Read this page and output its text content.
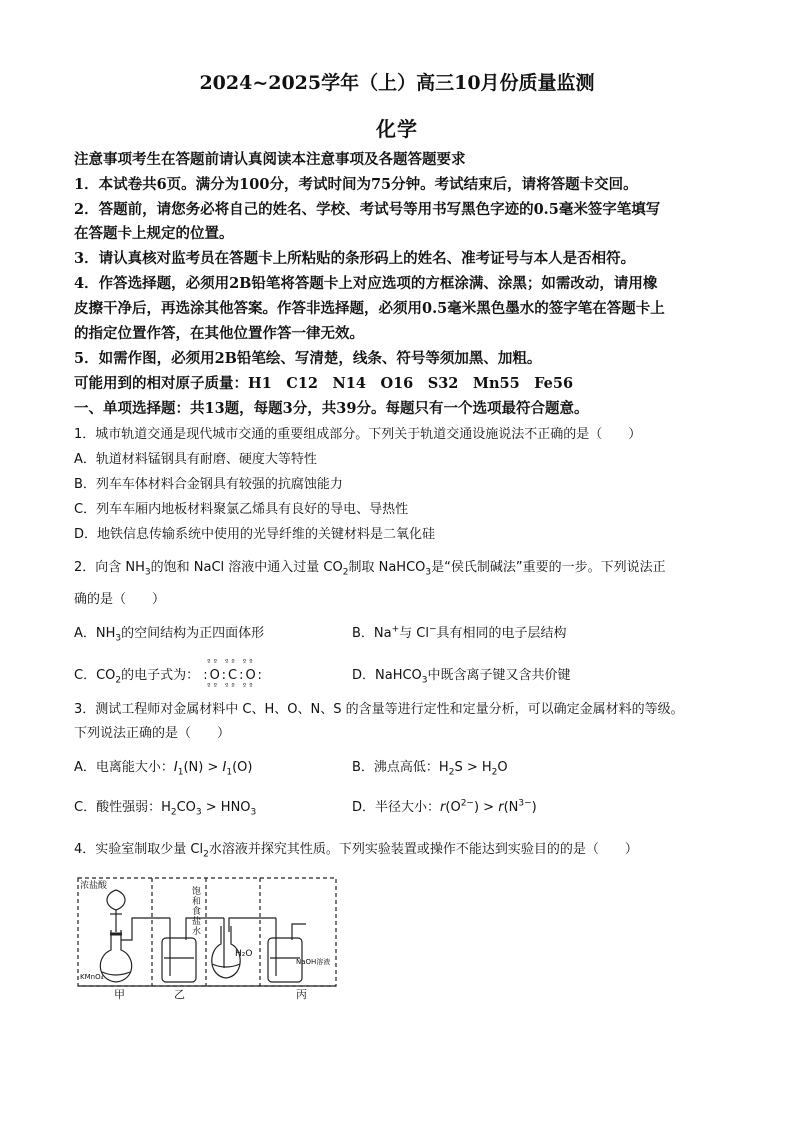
2024~2025学年（上）高三10月份质量监测
化学
注意事项考生在答题前请认真阅读本注意事项及各题答题要求
1．本试卷共6页。满分为100分，考试时间为75分钟。考试结束后，请将答题卡交回。
2．答题前，请您务必将自己的姓名、学校、考试号等用书写黑色字迹的0.5毫米签字笔填写
在答题卡上规定的位置。
3．请认真核对监考员在答题卡上所粘贴的条形码上的姓名、准考证号与本人是否相符。
4．作答选择题，必须用2B铅笔将答题卡上对应选项的方框涂满、涂黑；如需改动，请用橡
皮擦干净后，再选涂其他答案。作答非选择题，必须用0.5毫米黑色墨水的签字笔在答题卡上
的指定位置作答，在其他位置作答一律无效。
5．如需作图，必须用2B铅笔绘、写清楚，线条、符号等须加黑、加粗。
可能用到的相对原子质量：H1　C12　N14　O16　S32　Mn55　Fe56
一、单项选择题：共13题，每题3分，共39分。每题只有一个选项最符合题意。
1．城市轨道交通是现代城市交通的重要组成部分。下列关于轨道交通设施说法不正确的是（　　）
A．轨道材料锰钢具有耐磨、硬度大等特性
B．列车车体材料合金钢具有较强的抗腐蚀能力
C．列车车厢内地板材料聚氯乙烯具有良好的导电、导热性
D．地铁信息传输系统中使用的光导纤维的关键材料是二氧化硅
2．向含 $NH_3$的饱和 NaCl 溶液中通入过量 $CO_2$制取 NaHCO$_3$是“侯氏制碱法”重要的一步。下列说法正
确的是（　　）
A．$NH_3$的空间结构为正四面体形	B．Na+与 Cl−具有相同的电子层结构
C．$CO_2$的电子式为：
ºº ºº ºº
:O:C:O:
ºº ºº ºº
D．NaHCO$_3$中既含离子键又含共价键
3．测试工程师对金属材料中 C、H、O、N、S 的含量等进行定性和定量分析，可以确定金属材料的等级。
下列说法正确的是（　　）
A．电离能大小：$I_1(N) > I_1(O)$	B．沸点高低：$H_2S > H_2O$
C．酸性强弱：$H_2CO_3 > HNO_3$	D．半径大小：$r(O^{2-}) > r(N^{3-})$
4．实验室制取少量 $Cl_2$水溶液并探究其性质。下列实验装置或操作不能达到实验目的的是（　　）
浓盐酸
KMnO₄
饱
和
食
盐
水
H₂O
NaOH溶液
甲	乙	丙
